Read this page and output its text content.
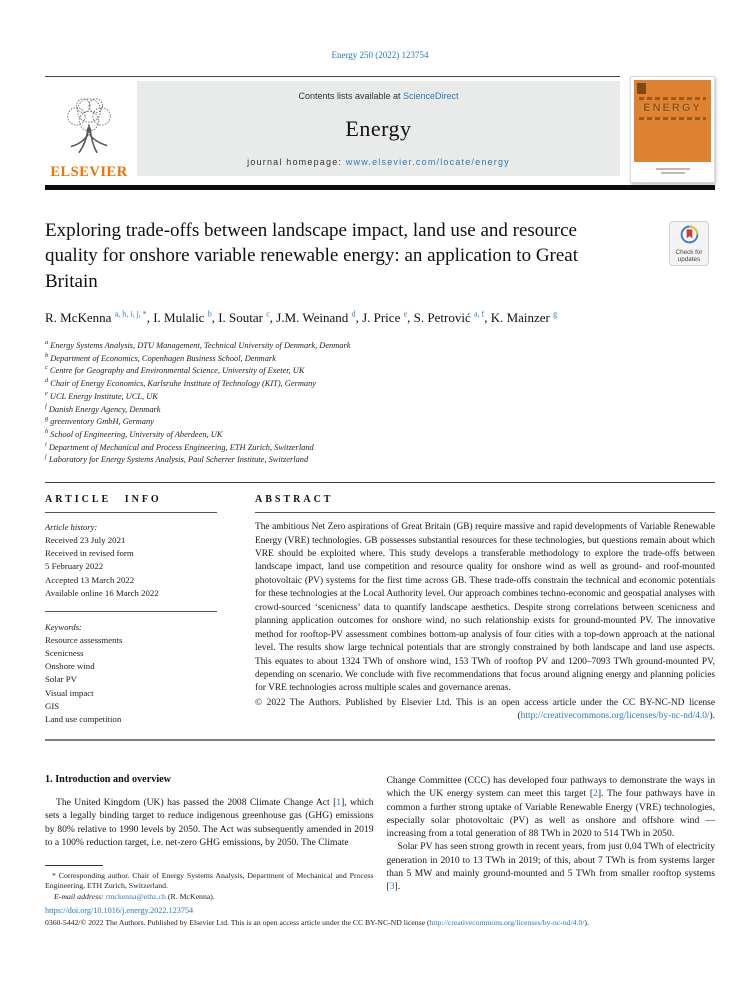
Energy 250 (2022) 123754
ELSEVIER
Contents lists available at ScienceDirect
Energy
journal homepage: www.elsevier.com/locate/energy
ENERGY
Exploring trade-offs between landscape impact, land use and resource quality for onshore variable renewable energy: an application to Great Britain
Check for
updates
R. McKenna $^{a, h, i, j, *}$, I. Mulalic $^b$, I. Soutar $^c$, J.M. Weinand $^d$, J. Price $^e$, S. Petrović $^{a, f}$, K. Mainzer $^g$
$^a$ Energy Systems Analysis, DTU Management, Technical University of Denmark, Denmark
$^b$ Department of Economics, Copenhagen Business School, Denmark
$^c$ Centre for Geography and Environmental Science, University of Exeter, UK
$^d$ Chair of Energy Economics, Karlsruhe Institute of Technology (KIT), Germany
$^e$ UCL Energy Institute, UCL, UK
$^f$ Danish Energy Agency, Denmark
$^g$ greenventory GmbH, Germany
$^h$ School of Engineering, University of Aberdeen, UK
$^i$ Department of Mechanical and Process Engineering, ETH Zurich, Switzerland
$^j$ Laboratory for Energy Systems Analysis, Paul Scherrer Institute, Switzerland
ARTICLE INFO
Article history:
Received 23 July 2021
Received in revised form
5 February 2022
Accepted 13 March 2022
Available online 16 March 2022
Keywords:
Resource assessments
Scenicness
Onshore wind
Solar PV
Visual impact
GIS
Land use competition
ABSTRACT

The ambitious Net Zero aspirations of Great Britain (GB) require massive and rapid developments of Variable Renewable Energy (VRE) technologies. GB possesses substantial resources for these technologies, but questions remain about which VRE should be exploited where. This study develops a transferable methodology to explore the trade-offs between landscape impact, land use competition and resource quality for onshore wind as well as ground- and roof-mounted photovoltaic (PV) systems for the first time across GB. These trade-offs constrain the technical and economic potentials for these technologies at the Local Authority level. Our approach combines techno-economic and geospatial analyses with crowd-sourced ‘scenicness’ data to quantify landscape aesthetics. Despite strong correlations between scenicness and planning application outcomes for onshore wind, no such relationship exists for ground-mounted PV. The innovative method for rooftop-PV assessment combines bottom-up analysis of four cities with a top-down approach at the national level. The results show large technical potentials that are strongly constrained by both landscape and land use aspects. This equates to about 1324 TWh of onshore wind, 153 TWh of rooftop PV and 1200–7093 TWh ground-mounted PV, depending on scenario. We conclude with five recommendations that focus around aligning energy and planning policies for VRE technologies across multiple scales and governance arenas.

© 2022 The Authors. Published by Elsevier Ltd. This is an open access article under the CC BY-NC-ND license (http://creativecommons.org/licenses/by-nc-nd/4.0/).

1. Introduction and overview

The United Kingdom (UK) has passed the 2008 Climate Change Act [1], which sets a legally binding target to reduce indigenous greenhouse gas (GHG) emissions by 80% relative to 1990 levels by 2050. The Act was subsequently amended in 2019 to a 100% reduction target, i.e. net-zero GHG emissions, by 2050. The Climate

* Corresponding author. Chair of Energy Systems Analysis, Department of Mechanical and Process Engineering, ETH Zurich, Switzerland.

E-mail address: rmckenna@ethz.ch (R. McKenna).

Change Committee (CCC) has developed four pathways to demonstrate the ways in which the UK energy system can meet this target [2]. The four pathways have in common a further strong uptake of Variable Renewable Energy (VRE) technologies, especially solar photovoltaic (PV) as well as onshore and offshore wind — increasing from a total generation of 88 TWh in 2020 to 514 TWh in 2050.

Solar PV has seen strong growth in recent years, from just 0.04 TWh of electricity generation in 2010 to 13 TWh in 2019; of this, about 7 TWh is from systems larger than 5 MW and mainly ground-mounted and 5 TWh from smaller rooftop systems [3].

https://doi.org/10.1016/j.energy.2022.123754
0360-5442/© 2022 The Authors. Published by Elsevier Ltd. This is an open access article under the CC BY-NC-ND license (http://creativecommons.org/licenses/by-nc-nd/4.0/).
